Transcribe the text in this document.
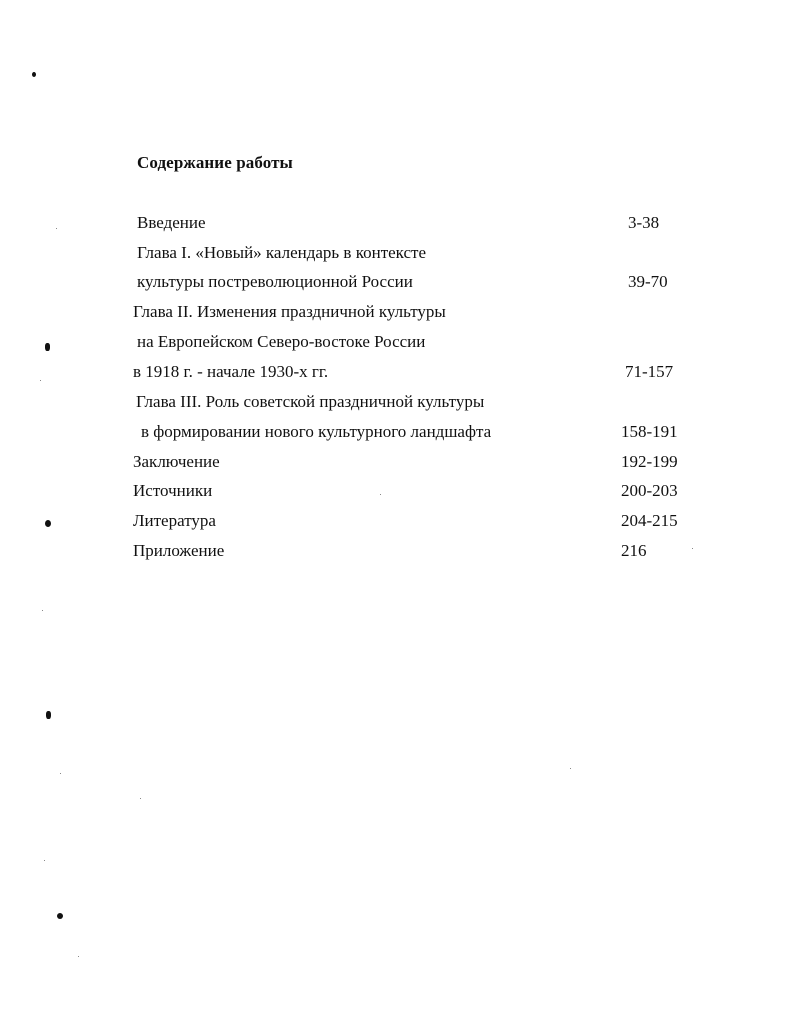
Содержание работы
Введение	3-38
Глава I. «Новый» календарь в контексте
культуры постреволюционной России	39-70
Глава II. Изменения праздничной культуры
на Европейском Северо-востоке России
в 1918 г. - начале 1930-х гг.	71-157
Глава III. Роль советской праздничной культуры
в формировании нового культурного ландшафта	158-191
Заключение	192-199
Источники	200-203
Литература	204-215
Приложение	216
